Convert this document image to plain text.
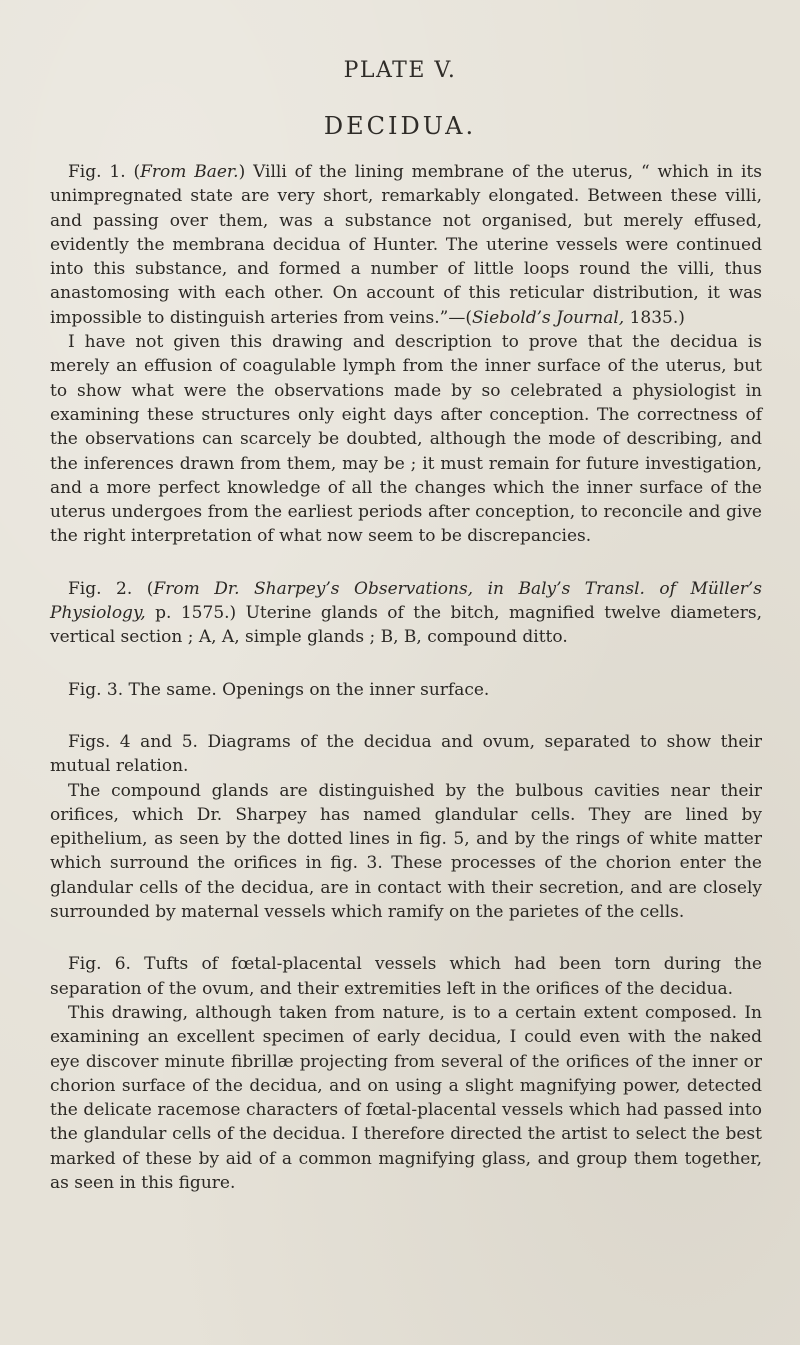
PLATE V.
DECIDUA.

Fig. 1. (From Baer.) Villi of the lining membrane of the uterus, “ which in its unimpregnated state are very short, remarkably elongated. Between these villi, and passing over them, was a substance not organised, but merely effused, evidently the membrana decidua of Hunter. The uterine vessels were continued into this substance, and formed a number of little loops round the villi, thus anastomosing with each other. On account of this reticular distribution, it was impossible to distinguish arteries from veins.”—(Siebold’s Journal, 1835.)

I have not given this drawing and description to prove that the decidua is merely an effusion of coagulable lymph from the inner surface of the uterus, but to show what were the observations made by so celebrated a physiologist in examining these structures only eight days after conception. The correctness of the observations can scarcely be doubted, although the mode of describing, and the inferences drawn from them, may be ; it must remain for future investigation, and a more perfect knowledge of all the changes which the inner surface of the uterus undergoes from the earliest periods after conception, to reconcile and give the right interpretation of what now seem to be discrepancies.

Fig. 2. (From Dr. Sharpey’s Observations, in Baly’s Transl. of Müller’s Physiology, p. 1575.) Uterine glands of the bitch, magnified twelve diameters, vertical section ; A, A, simple glands ; B, B, compound ditto.

Fig. 3. The same. Openings on the inner surface.

Figs. 4 and 5. Diagrams of the decidua and ovum, separated to show their mutual relation.

The compound glands are distinguished by the bulbous cavities near their orifices, which Dr. Sharpey has named glandular cells. They are lined by epithelium, as seen by the dotted lines in fig. 5, and by the rings of white matter which surround the orifices in fig. 3. These processes of the chorion enter the glandular cells of the decidua, are in contact with their secretion, and are closely surrounded by maternal vessels which ramify on the parietes of the cells.

Fig. 6. Tufts of fœtal-placental vessels which had been torn during the separation of the ovum, and their extremities left in the orifices of the decidua.

This drawing, although taken from nature, is to a certain extent composed. In examining an excellent specimen of early decidua, I could even with the naked eye discover minute fibrillæ projecting from several of the orifices of the inner or chorion surface of the decidua, and on using a slight magnifying power, detected the delicate racemose characters of fœtal-placental vessels which had passed into the glandular cells of the decidua. I therefore directed the artist to select the best marked of these by aid of a common magnifying glass, and group them together, as seen in this figure.
